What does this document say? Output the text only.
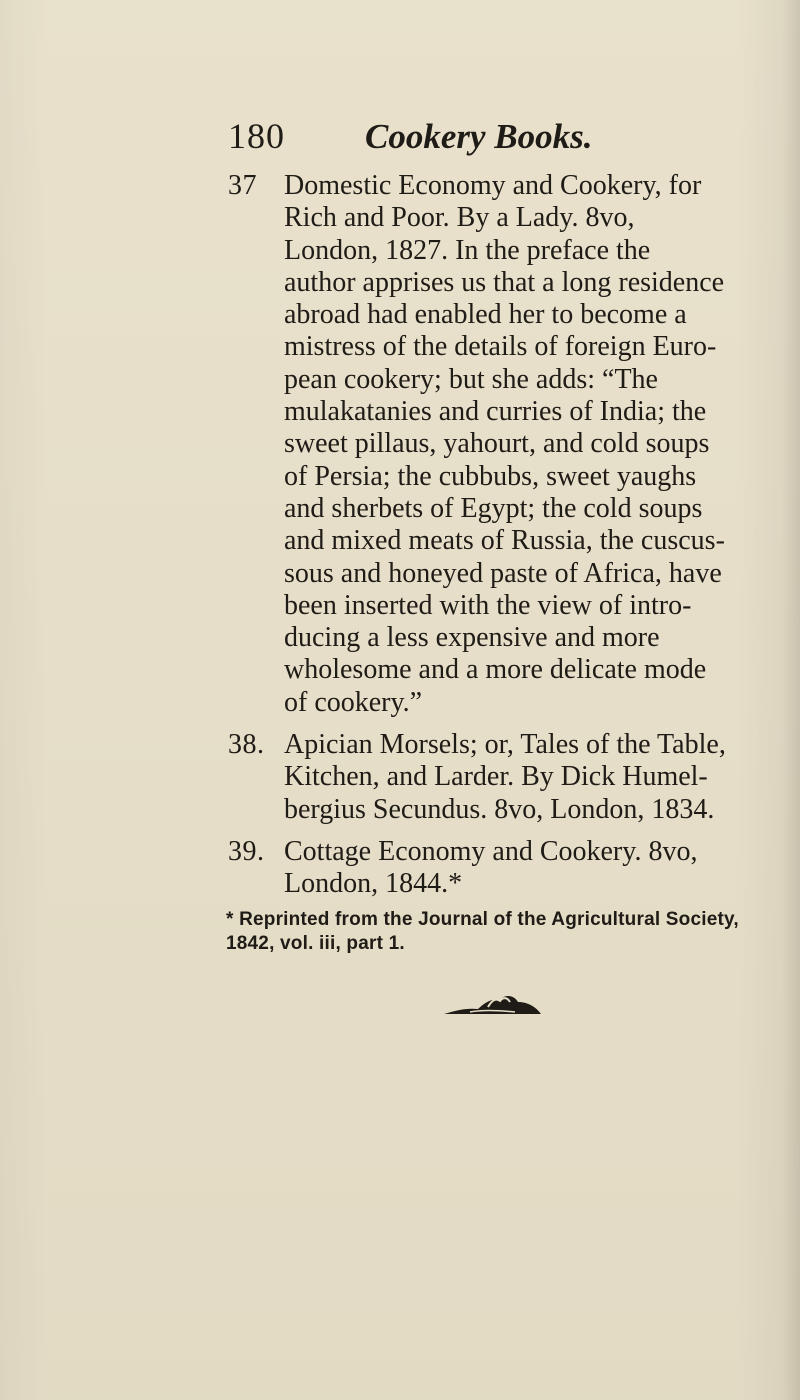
180 Cookery Books.
37 Domestic Economy and Cookery, for
Rich and Poor. By a Lady. 8vo,
London, 1827. In the preface the
author apprises us that a long residence
abroad had enabled her to become a
mistress of the details of foreign Euro-
pean cookery; but she adds: “The
mulakatanies and curries of India; the
sweet pillaus, yahourt, and cold soups
of Persia; the cubbubs, sweet yaughs
and sherbets of Egypt; the cold soups
and mixed meats of Russia, the cuscus-
sous and honeyed paste of Africa, have
been inserted with the view of intro-
ducing a less expensive and more
wholesome and a more delicate mode
of cookery.”
38. Apician Morsels; or, Tales of the Table,
Kitchen, and Larder. By Dick Humel-
bergius Secundus. 8vo, London, 1834.
39. Cottage Economy and Cookery. 8vo,
London, 1844.*
* Reprinted from the Journal of the Agricultural Society,
1842, vol. iii, part 1.
